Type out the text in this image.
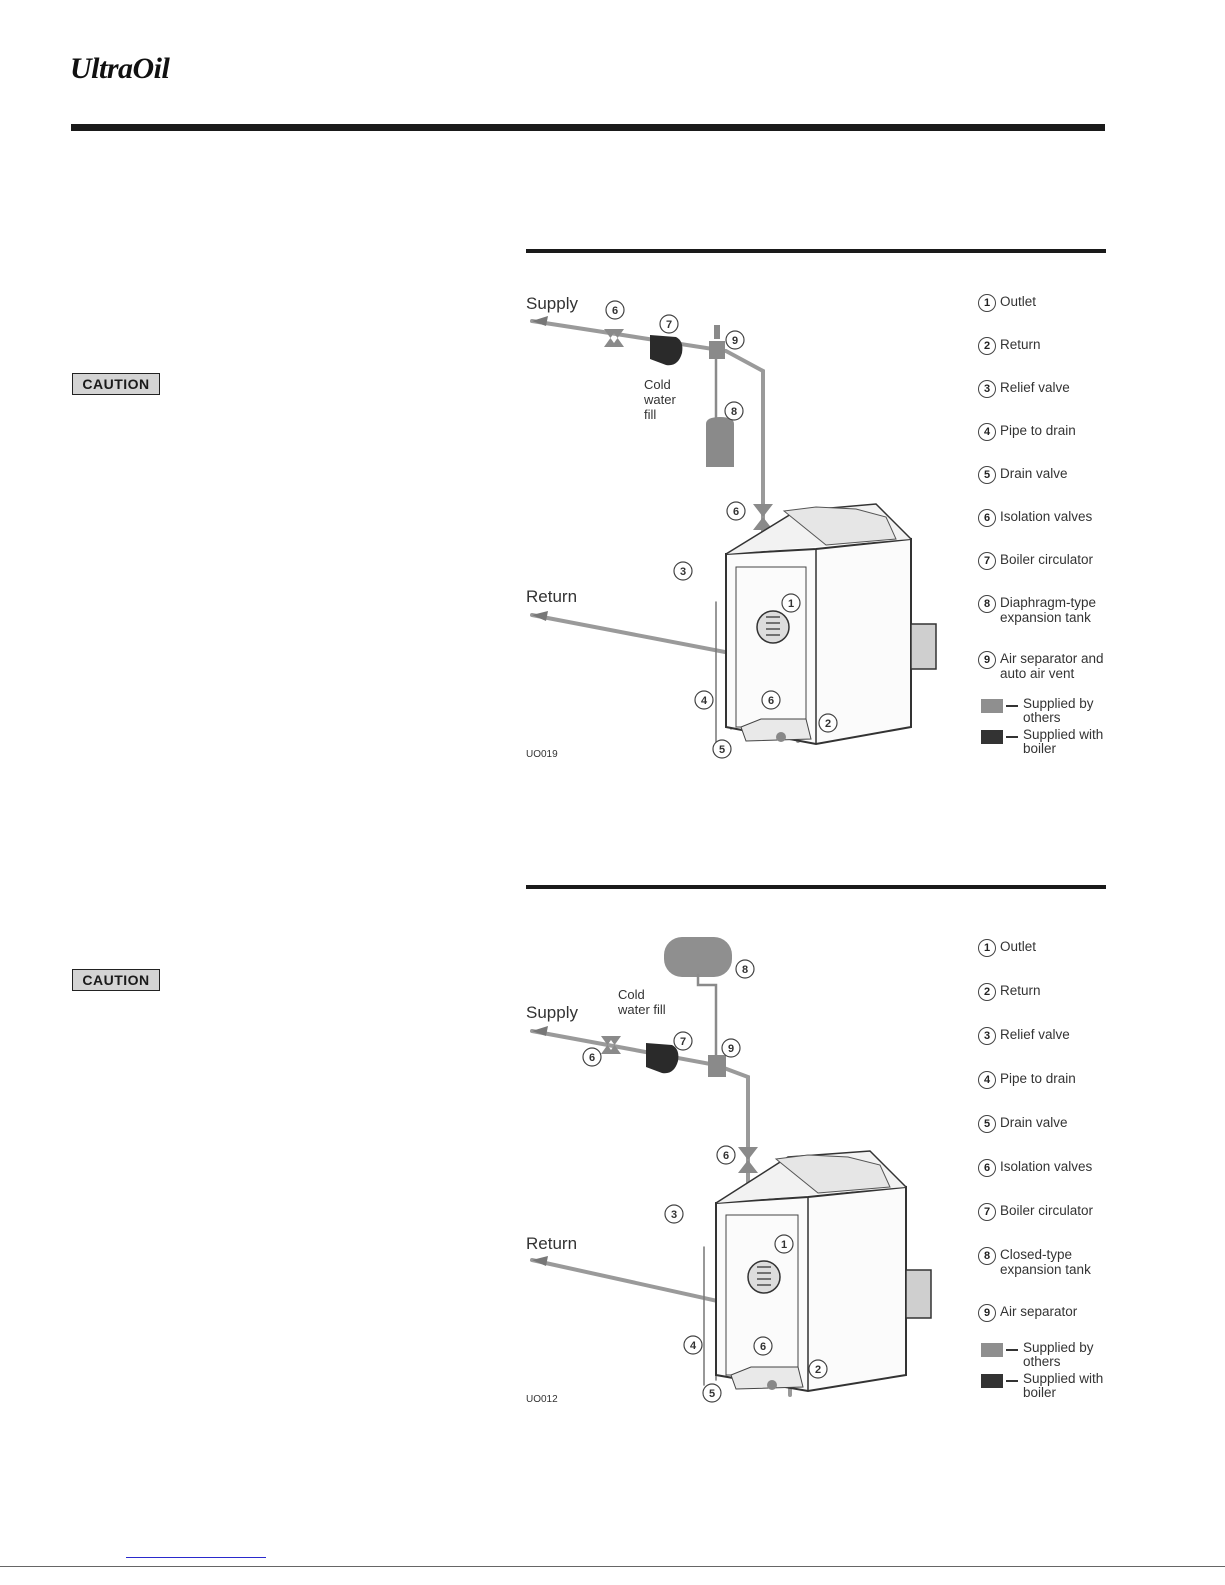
UltraOil
CAUTION
CAUTION
6
7
9
8
6
3
1
4	6
2
5
Supply
Return
Cold
water
fill
UO019
1 Outlet
2 Return
3 Relief valve
4 Pipe to drain
5 Drain valve
6 Isolation valves
7 Boiler circulator
8 Diaphragm-type
expansion tank
9 Air separator and
auto air vent
Supplied by
others
Supplied with
boiler
8
6
7
9
6
3
1
4	6
2
5
Supply
Return
Cold
water fill
UO012
1 Outlet
2 Return
3 Relief valve
4 Pipe to drain
5 Drain valve
6 Isolation valves
7 Boiler circulator
8 Closed-type
expansion tank
9 Air separator
Supplied by
others
Supplied with
boiler
